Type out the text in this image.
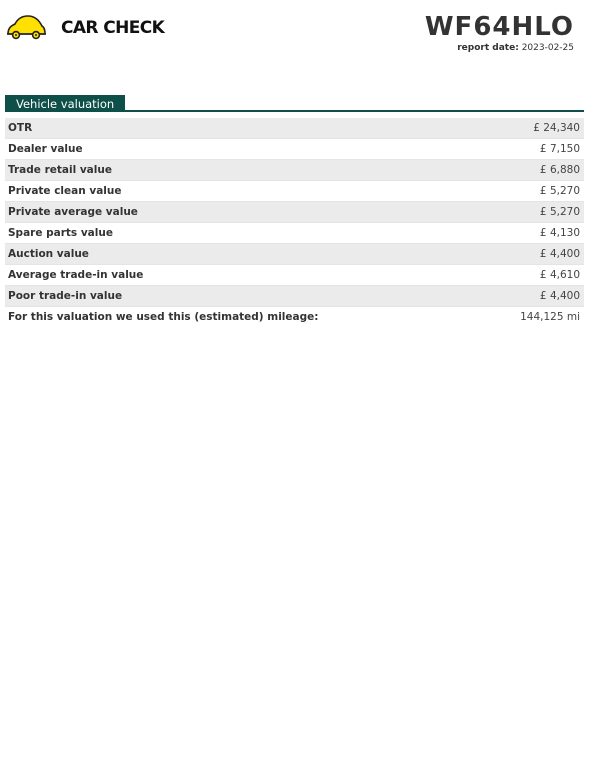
CAR CHECK	WF64HLO
report date: 2023-02-25
Vehicle valuation
OTR	£ 24,340
Dealer value	£ 7,150
Trade retail value	£ 6,880
Private clean value	£ 5,270
Private average value	£ 5,270
Spare parts value	£ 4,130
Auction value	£ 4,400
Average trade-in value	£ 4,610
Poor trade-in value	£ 4,400
For this valuation we used this (estimated) mileage:	144,125 mi
